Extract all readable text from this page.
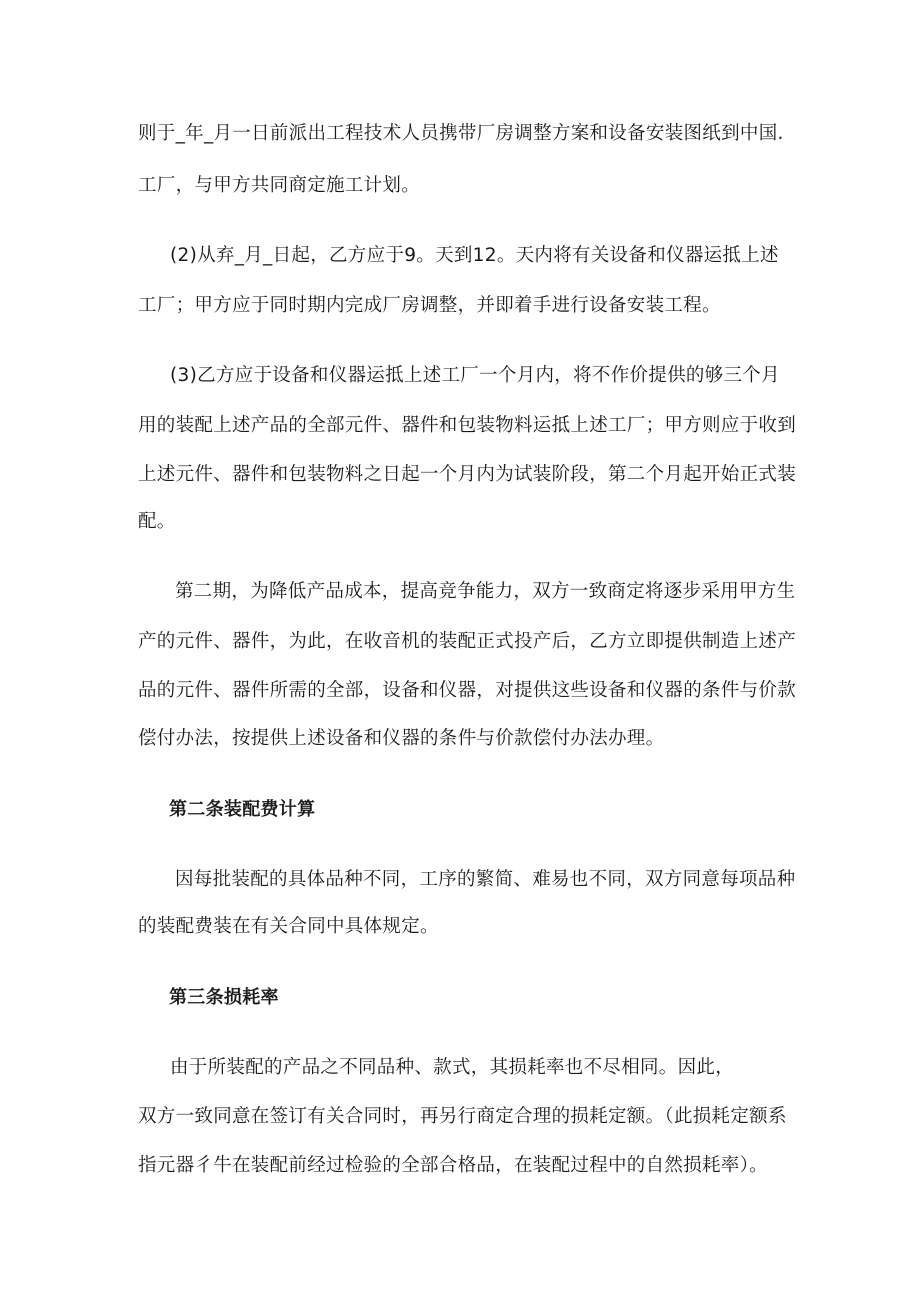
则于_年_月一日前派出工程技术人员携带厂房调整方案和设备安装图纸到中国.
工厂，与甲方共同商定施工计划。
(2)从弃_月_日起，乙方应于9。天到12。天内将有关设备和仪器运抵上述
工厂；甲方应于同时期内完成厂房调整，并即着手进行设备安装工程。
(3)乙方应于设备和仪器运抵上述工厂一个月内，将不作价提供的够三个月
用的装配上述产品的全部元件、器件和包装物料运抵上述工厂；甲方则应于收到
上述元件、器件和包装物料之日起一个月内为试装阶段，第二个月起开始正式装
配。
第二期，为降低产品成本，提高竞争能力，双方一致商定将逐步采用甲方生
产的元件、器件，为此，在收音机的装配正式投产后，乙方立即提供制造上述产
品的元件、器件所需的全部，设备和仪器，对提供这些设备和仪器的条件与价款
偿付办法，按提供上述设备和仪器的条件与价款偿付办法办理。
第二条装配费计算
因每批装配的具体品种不同，工序的繁简、难易也不同，双方同意每项品种
的装配费装在有关合同中具体规定。
第三条损耗率
由于所装配的产品之不同品种、款式，其损耗率也不尽相同。因此，
双方一致同意在签订有关合同时，再另行商定合理的损耗定额。（此损耗定额系
指元器彳牛在装配前经过检验的全部合格品，在装配过程中的自然损耗率）。
